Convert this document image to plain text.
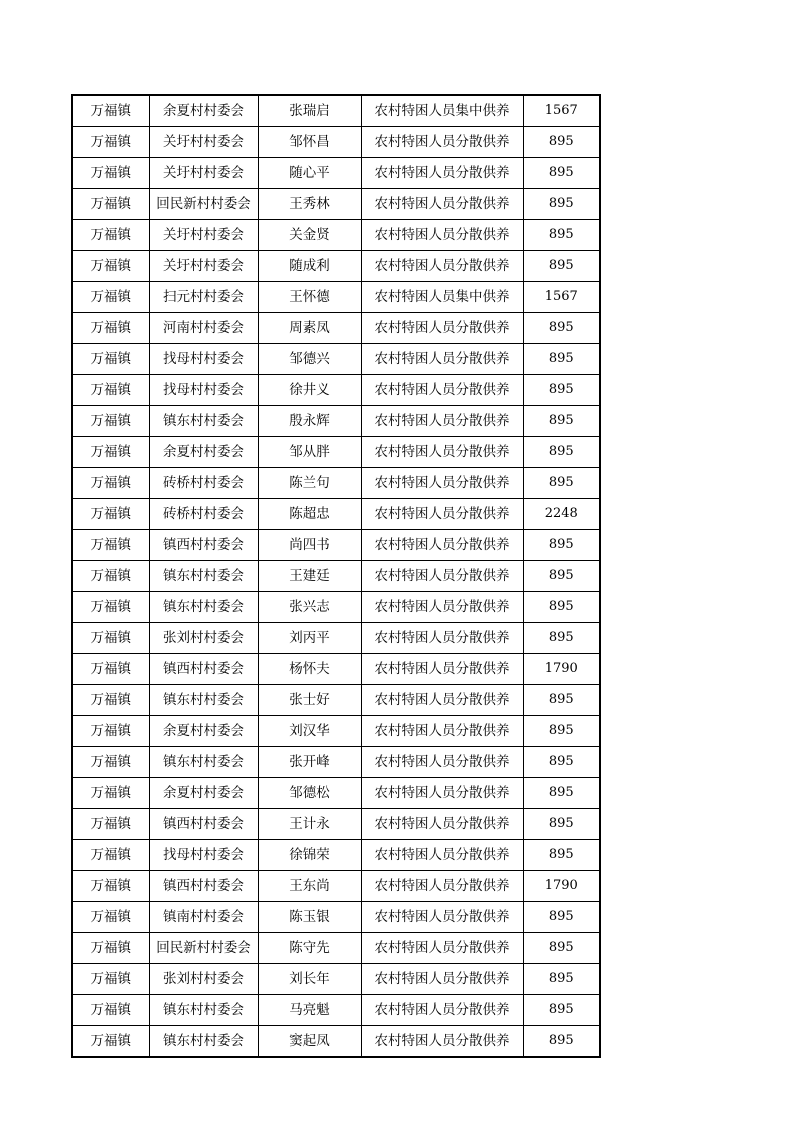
万福镇	余夏村村委会	张瑞启	农村特困人员集中供养	1567
万福镇	关圩村村委会	邹怀昌	农村特困人员分散供养	895
万福镇	关圩村村委会	随心平	农村特困人员分散供养	895
万福镇	回民新村村委会	王秀林	农村特困人员分散供养	895
万福镇	关圩村村委会	关金贤	农村特困人员分散供养	895
万福镇	关圩村村委会	随成利	农村特困人员分散供养	895
万福镇	扫元村村委会	王怀德	农村特困人员集中供养	1567
万福镇	河南村村委会	周素凤	农村特困人员分散供养	895
万福镇	找母村村委会	邹德兴	农村特困人员分散供养	895
万福镇	找母村村委会	徐井义	农村特困人员分散供养	895
万福镇	镇东村村委会	殷永辉	农村特困人员分散供养	895
万福镇	余夏村村委会	邹从胖	农村特困人员分散供养	895
万福镇	砖桥村村委会	陈兰句	农村特困人员分散供养	895
万福镇	砖桥村村委会	陈超忠	农村特困人员分散供养	2248
万福镇	镇西村村委会	尚四书	农村特困人员分散供养	895
万福镇	镇东村村委会	王建廷	农村特困人员分散供养	895
万福镇	镇东村村委会	张兴志	农村特困人员分散供养	895
万福镇	张刘村村委会	刘丙平	农村特困人员分散供养	895
万福镇	镇西村村委会	杨怀夫	农村特困人员分散供养	1790
万福镇	镇东村村委会	张士好	农村特困人员分散供养	895
万福镇	余夏村村委会	刘汉华	农村特困人员分散供养	895
万福镇	镇东村村委会	张开峰	农村特困人员分散供养	895
万福镇	余夏村村委会	邹德松	农村特困人员分散供养	895
万福镇	镇西村村委会	王计永	农村特困人员分散供养	895
万福镇	找母村村委会	徐锦荣	农村特困人员分散供养	895
万福镇	镇西村村委会	王东尚	农村特困人员分散供养	1790
万福镇	镇南村村委会	陈玉银	农村特困人员分散供养	895
万福镇	回民新村村委会	陈守先	农村特困人员分散供养	895
万福镇	张刘村村委会	刘长年	农村特困人员分散供养	895
万福镇	镇东村村委会	马亮魁	农村特困人员分散供养	895
万福镇	镇东村村委会	窦起凤	农村特困人员分散供养	895
